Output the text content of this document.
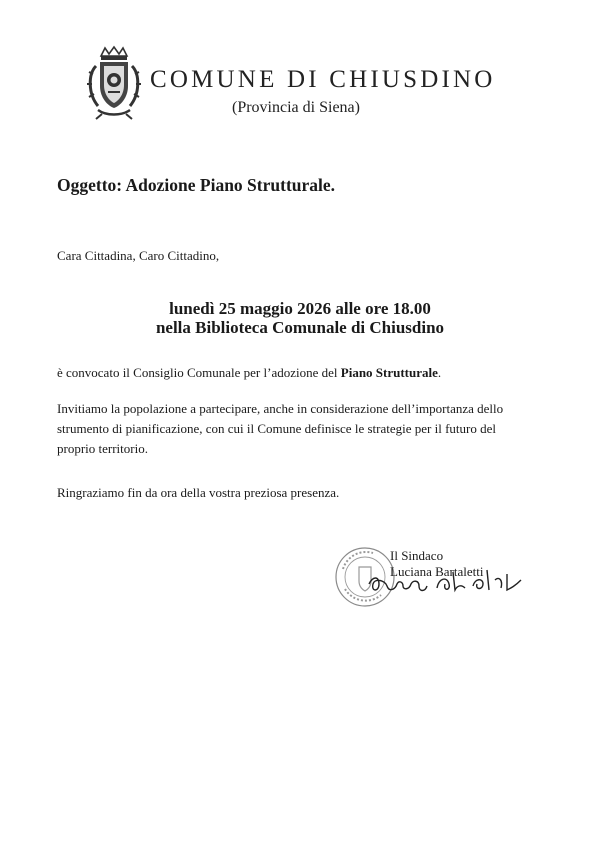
COMUNE DI CHIUSDINO
(Provincia di Siena)
Oggetto: Adozione Piano Strutturale.
Cara Cittadina, Caro Cittadino,
lunedì 25 maggio 2026 alle ore 18.00
nella Biblioteca Comunale di Chiusdino
è convocato il Consiglio Comunale per l’adozione del Piano Strutturale.
Invitiamo la popolazione a partecipare, anche in considerazione dell’importanza dello
strumento di pianificazione, con cui il Comune definisce le strategie per il futuro del
proprio territorio.
Ringraziamo fin da ora della vostra preziosa presenza.
Il Sindaco
Luciana Bartaletti
